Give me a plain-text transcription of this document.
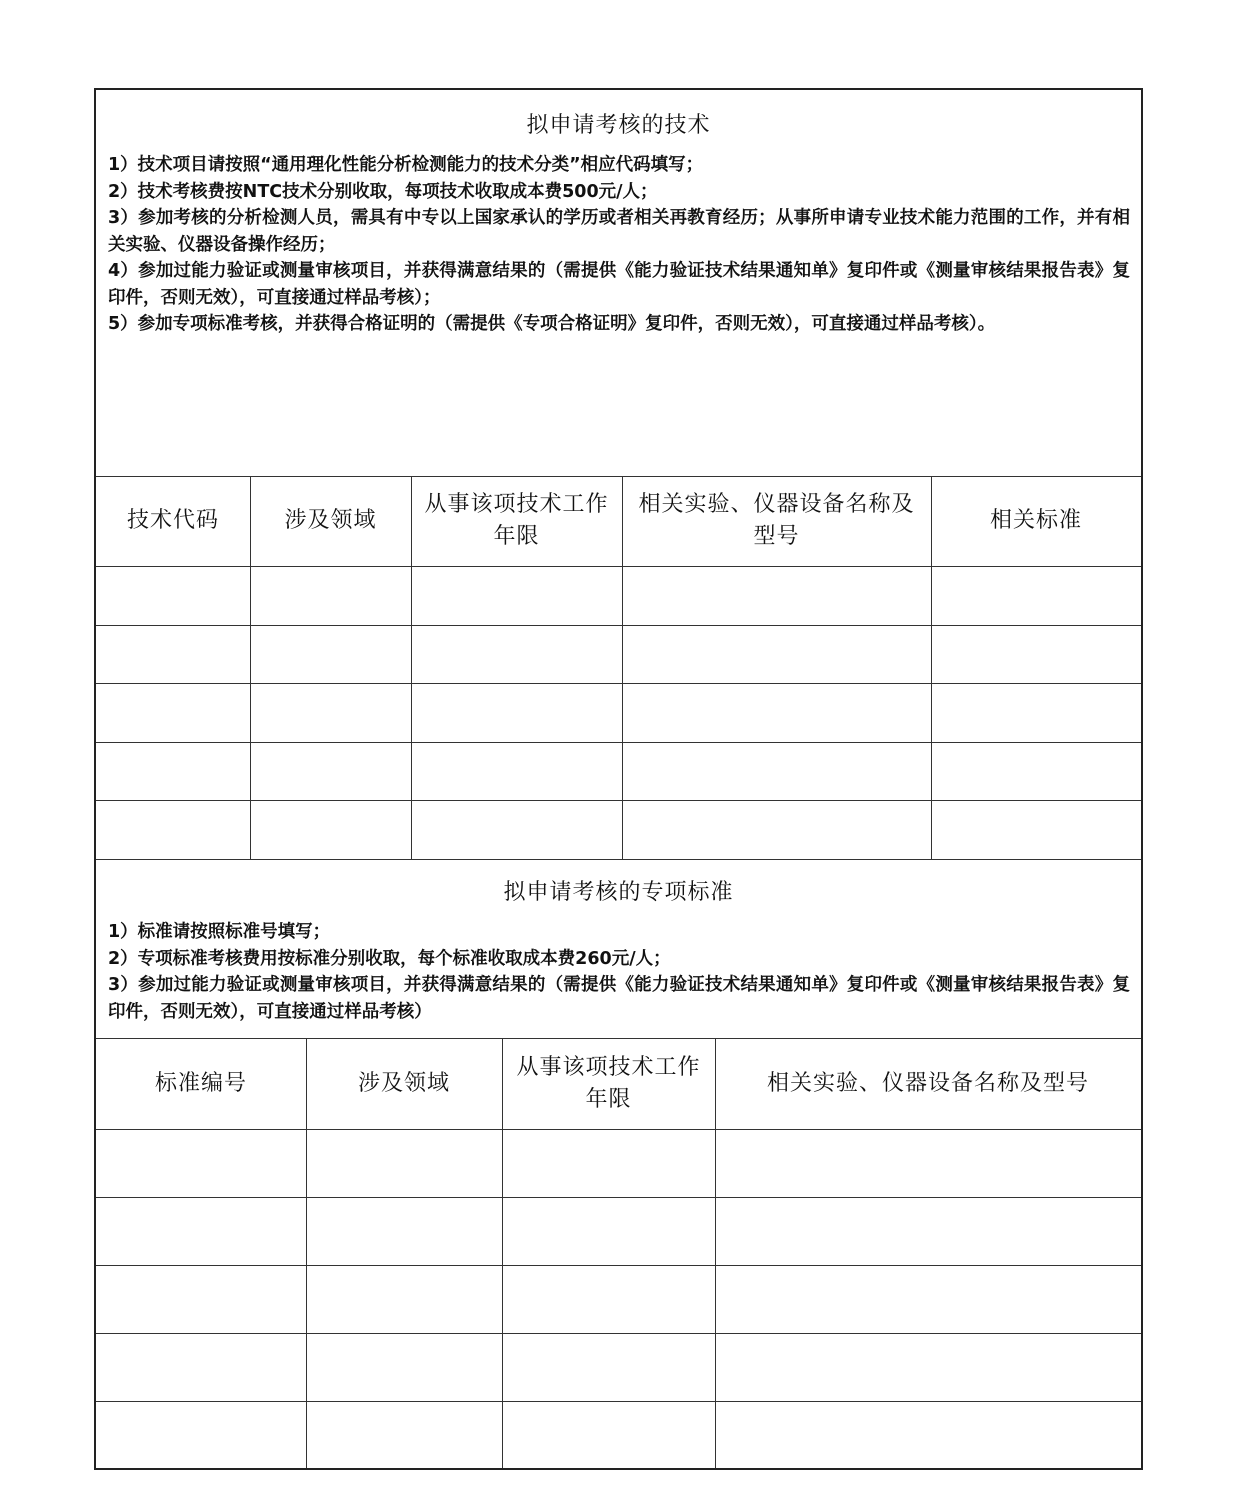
拟申请考核的技术

1）技术项目请按照“通用理化性能分析检测能力的技术分类”相应代码填写；

2）技术考核费按NTC技术分别收取，每项技术收取成本费500元/人；

3）参加考核的分析检测人员，需具有中专以上国家承认的学历或者相关再教育经历；从事所申请专业技术能力范围的工作，并有相关实验、仪器设备操作经历；

4）参加过能力验证或测量审核项目，并获得满意结果的（需提供《能力验证技术结果通知单》复印件或《测量审核结果报告表》复印件，否则无效），可直接通过样品考核）；

5）参加专项标准考核，并获得合格证明的（需提供《专项合格证明》复印件，否则无效），可直接通过样品考核）。

技术代码	涉及领域
从事该项技术工作年限
相关实验、仪器设备名称及型号
相关标准
拟申请考核的专项标准

1）标准请按照标准号填写；

2）专项标准考核费用按标准分别收取，每个标准收取成本费260元/人；

3）参加过能力验证或测量审核项目，并获得满意结果的（需提供《能力验证技术结果通知单》复印件或《测量审核结果报告表》复印件，否则无效），可直接通过样品考核）

标准编号	涉及领域
从事该项技术工作年限
相关实验、仪器设备名称及型号
